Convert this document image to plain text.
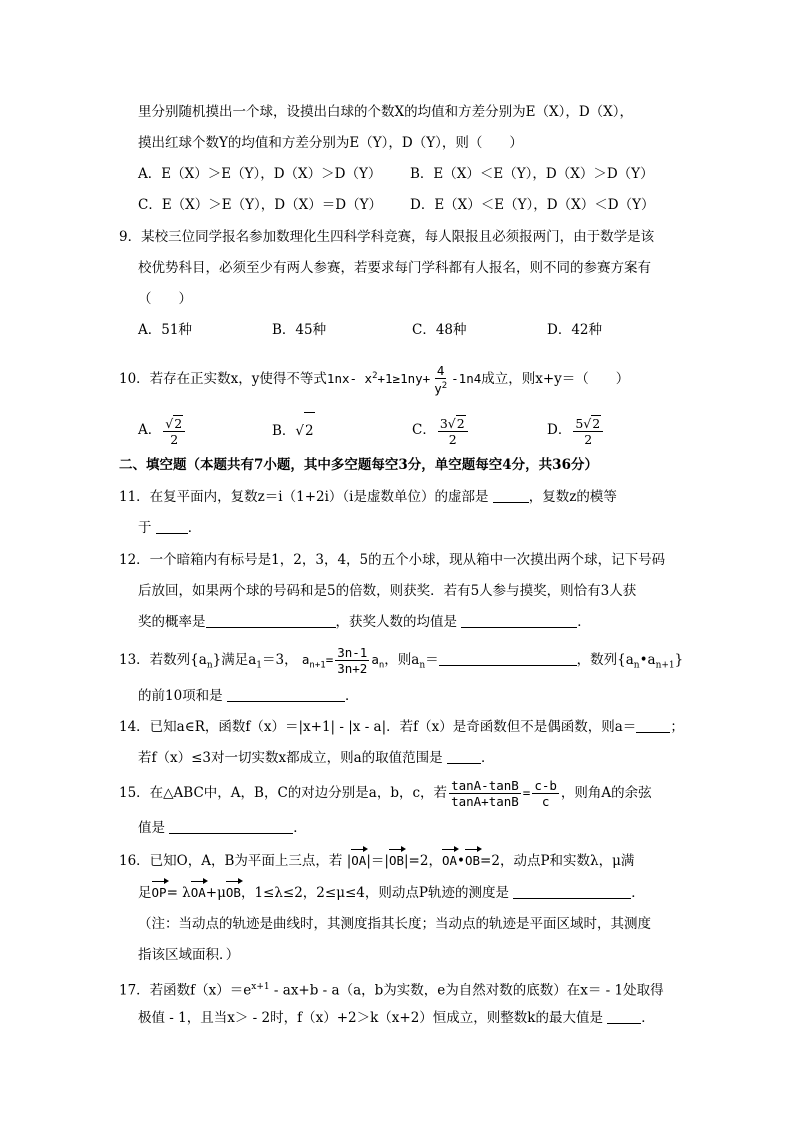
里分别随机摸出一个球，设摸出白球的个数X的均值和方差分别为E（X），D（X），
摸出红球个数Y的均值和方差分别为E（Y），D（Y），则（　　）
A．E（X）＞E（Y），D（X）＞D（Y） B．E（X）＜E（Y），D（X）＞D（Y）
C．E（X）＞E（Y），D（X）＝D（Y） D．E（X）＜E（Y），D（X）＜D（Y）
9．某校三位同学报名参加数理化生四科学科竞赛，每人限报且必须报两门，由于数学是该
校优势科目，必须至少有两人参赛，若要求每门学科都有人报名，则不同的参赛方案有
（　　）
A．51种	B．45种	C．48种	D．42种
10．若存在正实数x，y使得不等式1nx- $x^2+1\ge 1ny+ \frac{4}{y^2} -1n4$成立，则x+y＝（　　）
A． $\frac{√2}{2}$	B．√2	C． $\frac{3√2}{2}$	D． $\frac{5√2}{2}$
二、填空题（本题共有7小题，其中多空题每空3分，单空题每空4分，共36分）
11．在复平面内，复数z＝i（1+2i）（i是虚数单位）的虚部是	，复数z的模等
于	．
12．一个暗箱内有标号是1，2，3，4，5的五个小球，现从箱中一次摸出两个球，记下号码
后放回，如果两个球的号码和是5的倍数，则获奖．若有5人参与摸奖，则恰有3人获
奖的概率是	，获奖人数的均值是	．
13．若数列$\{a_n\}$满足$a_1=3$， $a_{n+1}= \frac{3n-1}{3n+2} a_n$，则$a_n=$	，数列$\{a_n•a_{n+1}\}$
的前10项和是	．
14．已知a∈R，函数f（x）＝|x+1| - |x - a|．若f（x）是奇函数但不是偶函数，则a＝	；
若f（x）≤3对一切实数x都成立，则a的取值范围是	．
15．在△ABC中，A，B，C的对边分别是a，b，c，若 $\frac{\tan A-\tan B}{\tan A+\tan B} = \frac{c-b}{c}$ ，则角A的余弦
值是	．
16．已知O，A，B为平面上三点，若 |OA|＝|OB|=2，OA•OB=2，动点P和实数λ，μ满
足OP= λOA+μOB，1≤λ≤2，2≤μ≤4，则动点P轨迹的测度是	．
（注：当动点的轨迹是曲线时，其测度指其长度；当动点的轨迹是平面区域时，其测度
指该区域面积．）
17．若函数$f(x)=e^{x+1} - ax+b - a(a$，b为实数，e为自然对数的底数）在x＝ - 1处取得
极值 - 1，且当x＞ - 2时，f（x）+2＞k（x+2）恒成立，则整数k的最大值是	．
